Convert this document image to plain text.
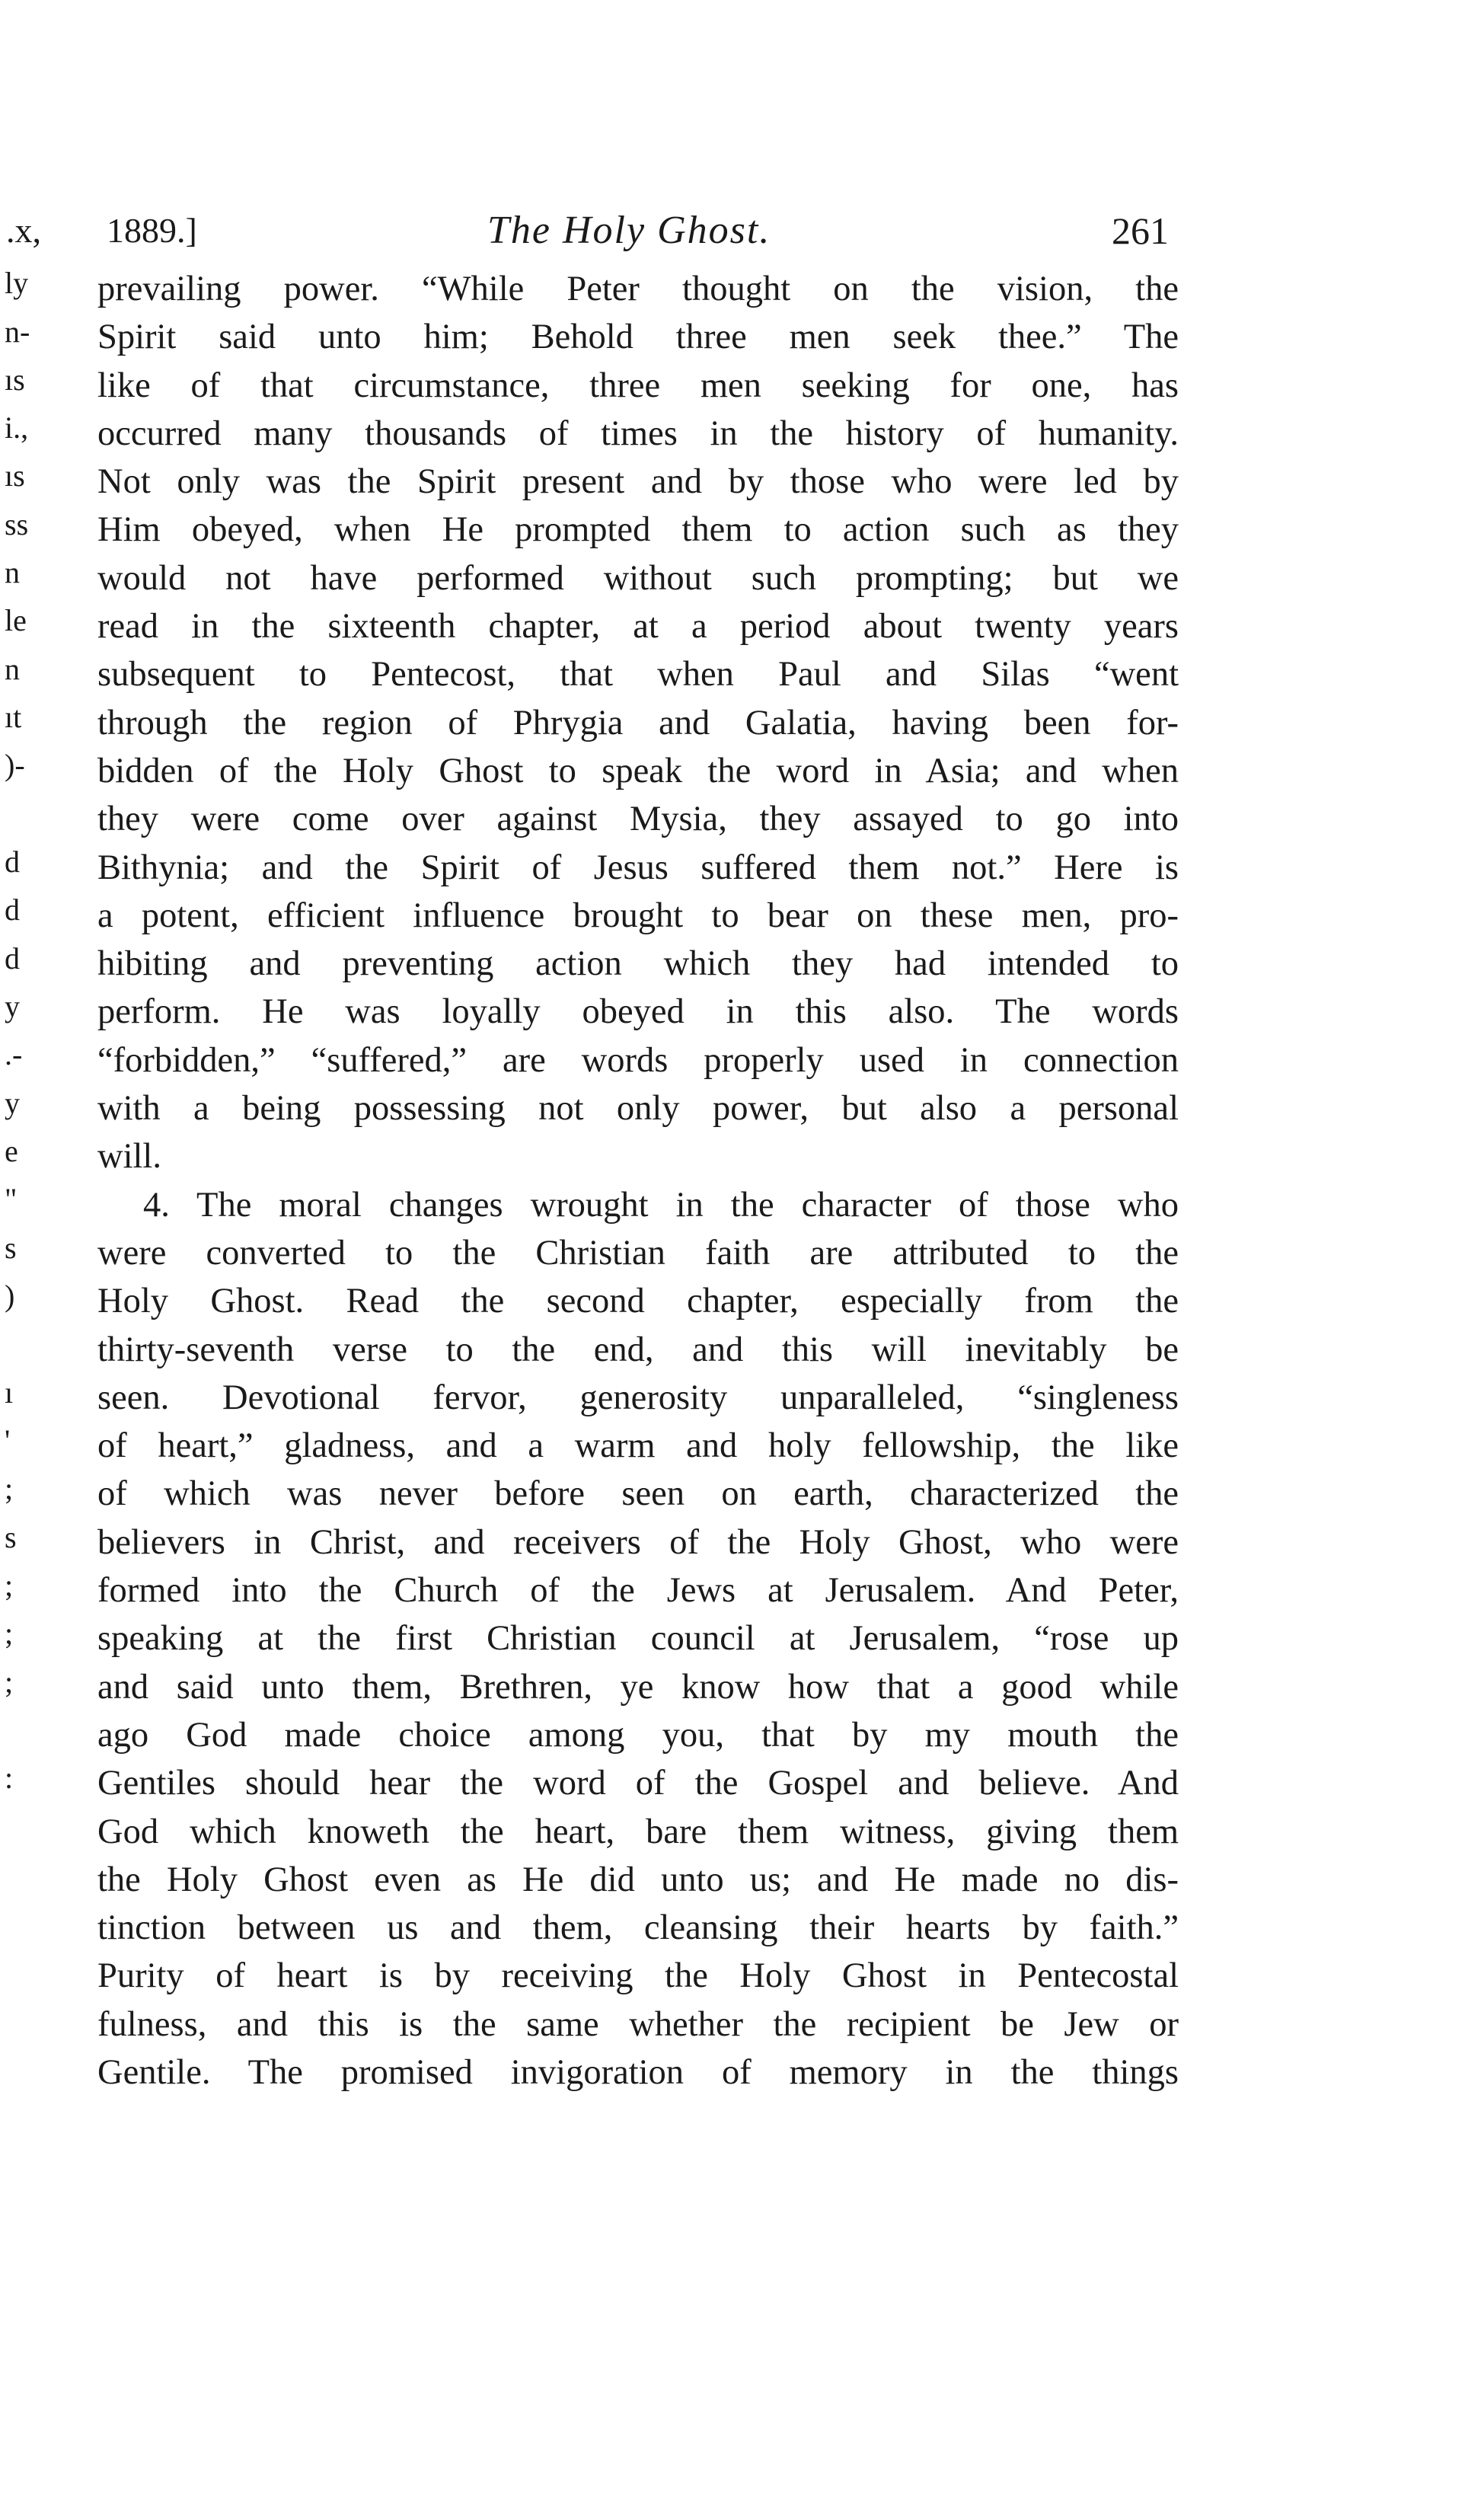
.x, 1889.]	The Holy Ghost.	261
ly
n-
ıs
i.,
ıs
ss
n
le
n
ıt
)-
d
d
d
y
.-
y
e
"
s
)
ı
'
;
s
;
;
;
:
prevailing power. “While Peter thought on the vision, the
Spirit said unto him; Behold three men seek thee.” The
like of that circumstance, three men seeking for one, has
occurred many thousands of times in the history of humanity.
Not only was the Spirit present and by those who were led by
Him obeyed, when He prompted them to action such as they
would not have performed without such prompting; but we
read in the sixteenth chapter, at a period about twenty years
subsequent to Pentecost, that when Paul and Silas “went
through the region of Phrygia and Galatia, having been for-
bidden of the Holy Ghost to speak the word in Asia; and when
they were come over against Mysia, they assayed to go into
Bithynia; and the Spirit of Jesus suffered them not.” Here is
a potent, efficient influence brought to bear on these men, pro-
hibiting and preventing action which they had intended to
perform. He was loyally obeyed in this also. The words
“forbidden,” “suffered,” are words properly used in connection
with a being possessing not only power, but also a personal
will.
4. The moral changes wrought in the character of those who
were converted to the Christian faith are attributed to the
Holy Ghost. Read the second chapter, especially from the
thirty-seventh verse to the end, and this will inevitably be
seen. Devotional fervor, generosity unparalleled, “singleness
of heart,” gladness, and a warm and holy fellowship, the like
of which was never before seen on earth, characterized the
believers in Christ, and receivers of the Holy Ghost, who were
formed into the Church of the Jews at Jerusalem. And Peter,
speaking at the first Christian council at Jerusalem, “rose up
and said unto them, Brethren, ye know how that a good while
ago God made choice among you, that by my mouth the
Gentiles should hear the word of the Gospel and believe. And
God which knoweth the heart, bare them witness, giving them
the Holy Ghost even as He did unto us; and He made no dis-
tinction between us and them, cleansing their hearts by faith.”
Purity of heart is by receiving the Holy Ghost in Pentecostal
fulness, and this is the same whether the recipient be Jew or
Gentile. The promised invigoration of memory in the things
